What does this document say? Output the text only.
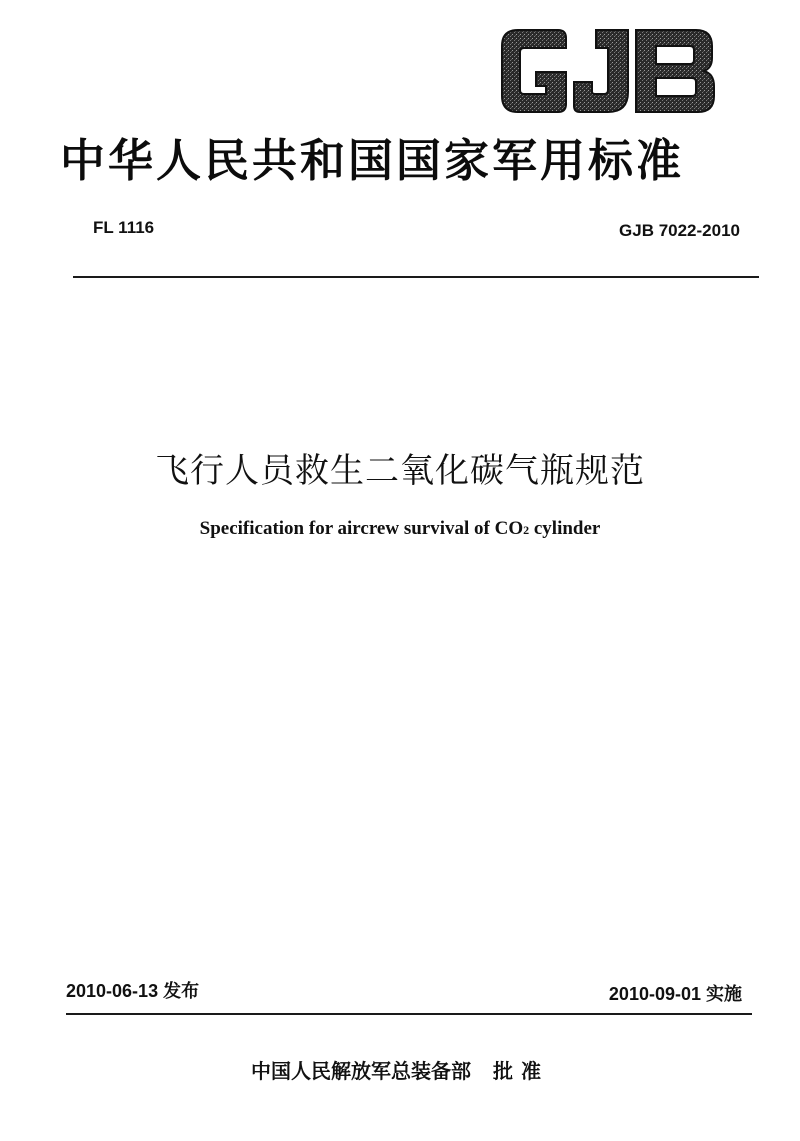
中华人民共和国国家军用标准
FL 1116	GJB 7022-2010
飞行人员救生二氧化碳气瓶规范
Specification for aircrew survival of CO2 cylinder
2010-06-13 发布	2010-09-01 实施
中国人民解放军总装备部 批准
